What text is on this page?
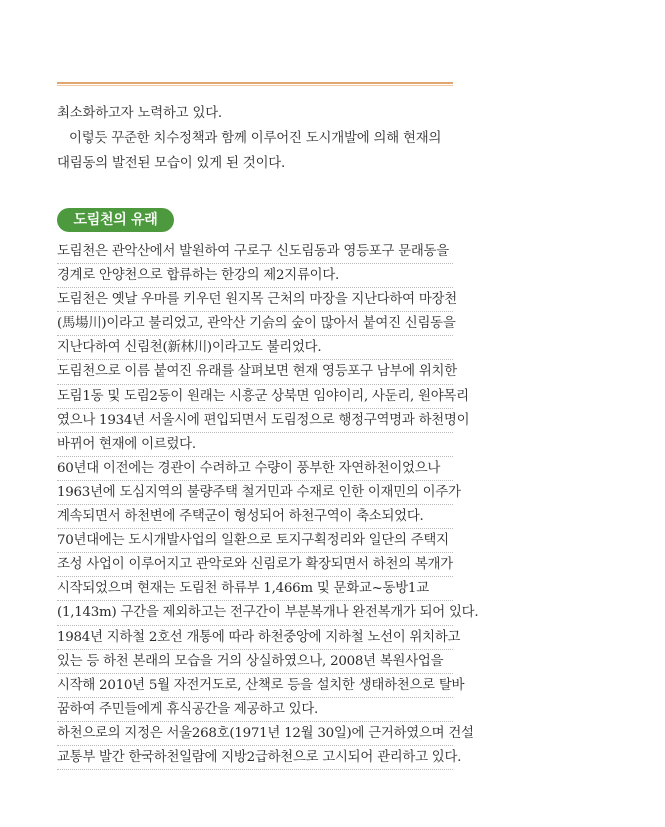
최소화하고자 노력하고 있다.

이렇듯 꾸준한 치수정책과 함께 이루어진 도시개발에 의해 현재의

대림동의 발전된 모습이 있게 된 것이다.

도림천의 유래
도림천은 관악산에서 발원하여 구로구 신도림동과 영등포구 문래동을
경계로 안양천으로 합류하는 한강의 제2지류이다.
도림천은 옛날 우마를 키우던 원지목 근처의 마장을 지난다하여 마장천
(馬場川)이라고 불리었고, 관악산 기슭의 숲이 많아서 붙여진 신림동을
지난다하여 신림천(新林川)이라고도 불리었다.
도림천으로 이름 붙여진 유래를 살펴보면 현재 영등포구 남부에 위치한
도림1동 및 도림2동이 원래는 시흥군 상북면 임야이리, 사둔리, 원야목리
였으나 1934년 서울시에 편입되면서 도림정으로 행정구역명과 하천명이
바뀌어 현재에 이르렀다.
60년대 이전에는 경관이 수려하고 수량이 풍부한 자연하천이었으나
1963년에 도심지역의 불량주택 철거민과 수재로 인한 이재민의 이주가
계속되면서 하천변에 주택군이 형성되어 하천구역이 축소되었다.
70년대에는 도시개발사업의 일환으로 토지구획정리와 일단의 주택지
조성 사업이 이루어지고 관악로와 신림로가 확장되면서 하천의 복개가
시작되었으며 현재는 도림천 하류부 1,466m 및 문화교~동방1교
(1,143m) 구간을 제외하고는 전구간이 부분복개나 완전복개가 되어 있다.
1984년 지하철 2호선 개통에 따라 하천중앙에 지하철 노선이 위치하고
있는 등 하천 본래의 모습을 거의 상실하였으나, 2008년 복원사업을
시작해 2010년 5월 자전거도로, 산책로 등을 설치한 생태하천으로 탈바
꿈하여 주민들에게 휴식공간을 제공하고 있다.
하천으로의 지정은 서울268호(1971년 12월 30일)에 근거하였으며 건설
교통부 발간 한국하천일람에 지방2급하천으로 고시되어 관리하고 있다.
